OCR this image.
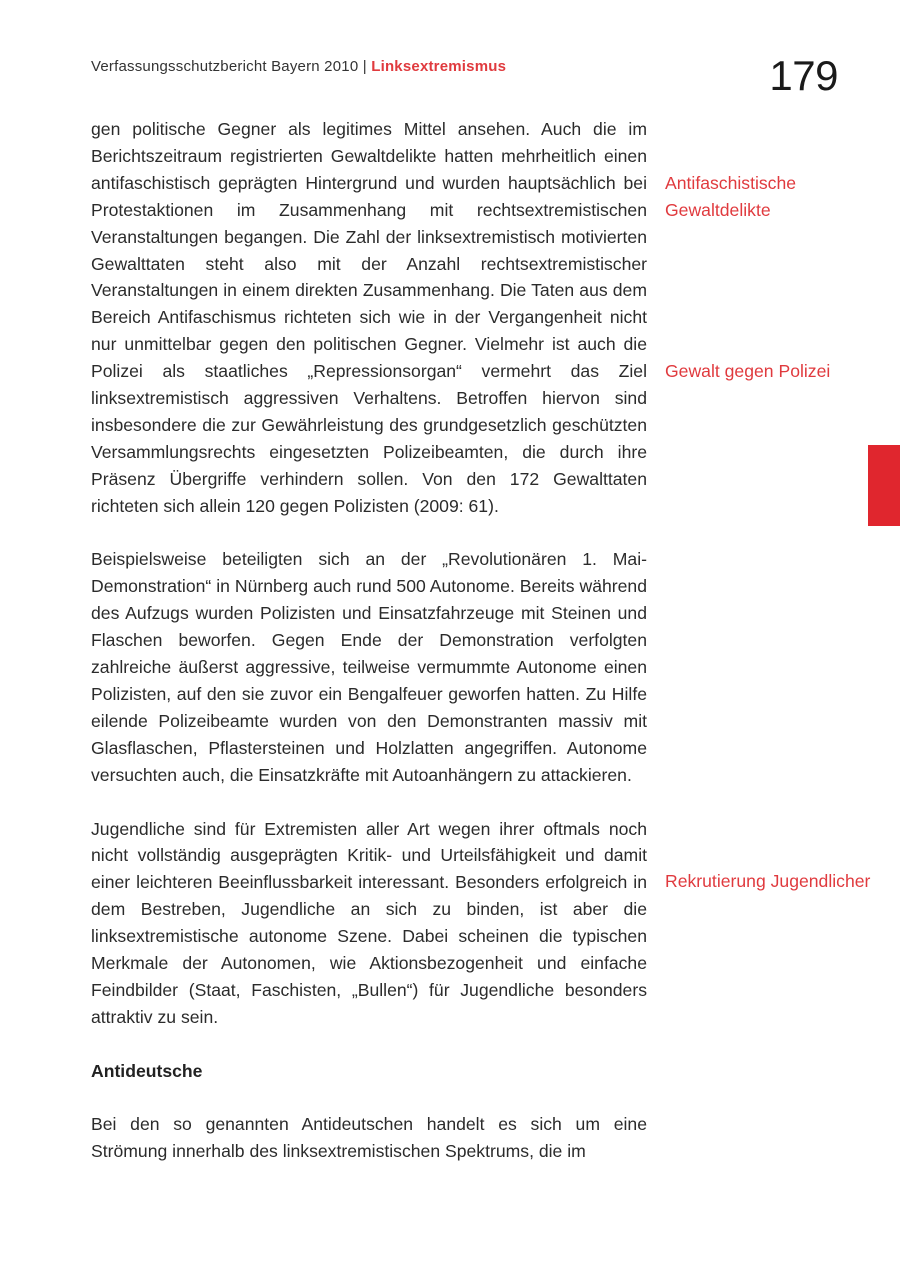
Verfassungsschutzbericht Bayern 2010 | Linksextremismus	179
Antifaschistische Gewaltdelikte
Gewalt gegen Polizei
Rekrutierung Jugendlicher

gen politische Gegner als legitimes Mittel ansehen. Auch die im Berichtszeitraum registrierten Gewaltdelikte hatten mehrheitlich einen antifaschistisch geprägten Hintergrund und wurden hauptsächlich bei Protestaktionen im Zusammenhang mit rechtsextremistischen Veranstaltungen begangen. Die Zahl der linksextremistisch motivierten Gewalttaten steht also mit der Anzahl rechtsextremistischer Veranstaltungen in einem direkten Zusammenhang. Die Taten aus dem Bereich Antifaschismus richteten sich wie in der Vergangenheit nicht nur unmittelbar gegen den politischen Gegner. Vielmehr ist auch die Polizei als staatliches „Repressionsorgan“ vermehrt das Ziel linksextremistisch aggressiven Verhaltens. Betroffen hiervon sind insbesondere die zur Gewährleistung des grundgesetzlich geschützten Versammlungsrechts eingesetzten Polizeibeamten, die durch ihre Präsenz Übergriffe verhindern sollen. Von den 172 Gewalttaten richteten sich allein 120 gegen Polizisten (2009: 61).

Beispielsweise beteiligten sich an der „Revolutionären 1. Mai-Demonstration“ in Nürnberg auch rund 500 Autonome. Bereits während des Aufzugs wurden Polizisten und Einsatzfahrzeuge mit Steinen und Flaschen beworfen. Gegen Ende der Demonstration verfolgten zahlreiche äußerst aggressive, teilweise vermummte Autonome einen Polizisten, auf den sie zuvor ein Bengalfeuer geworfen hatten. Zu Hilfe eilende Polizeibeamte wurden von den Demonstranten massiv mit Glasflaschen, Pflastersteinen und Holzlatten angegriffen. Autonome versuchten auch, die Einsatzkräfte mit Autoanhängern zu attackieren.

Jugendliche sind für Extremisten aller Art wegen ihrer oftmals noch nicht vollständig ausgeprägten Kritik- und Urteilsfähigkeit und damit einer leichteren Beeinflussbarkeit interessant. Besonders erfolgreich in dem Bestreben, Jugendliche an sich zu binden, ist aber die linksextremistische autonome Szene. Dabei scheinen die typischen Merkmale der Autonomen, wie Aktionsbezogenheit und einfache Feindbilder (Staat, Faschisten, „Bullen“) für Jugendliche besonders attraktiv zu sein.

Antideutsche

Bei den so genannten Antideutschen handelt es sich um eine Strömung innerhalb des linksextremistischen Spektrums, die im
